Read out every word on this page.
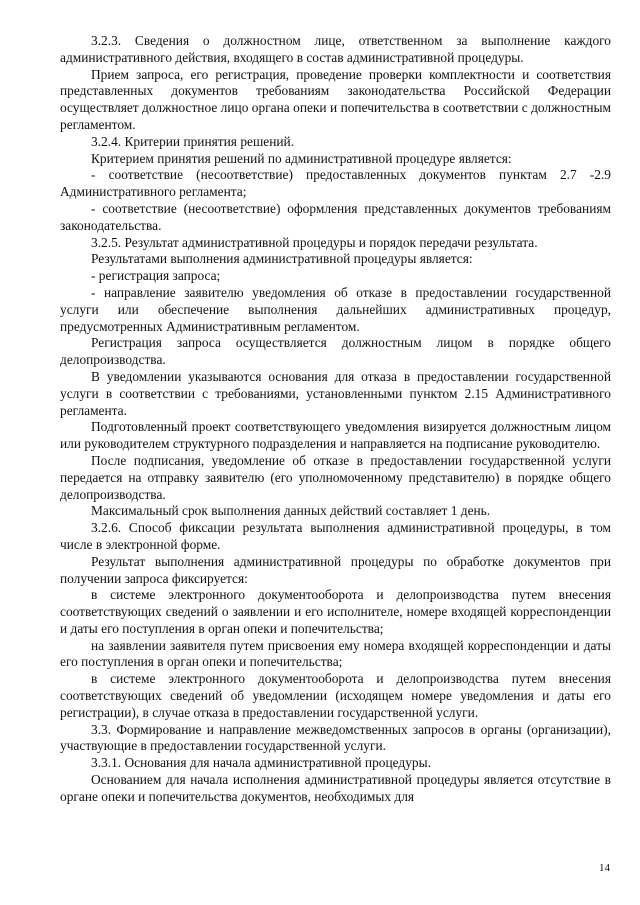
3.2.3. Сведения о должностном лице, ответственном за выполнение каждого административного действия, входящего в состав административной процедуры.

Прием запроса, его регистрация, проведение проверки комплектности и соответствия представленных документов требованиям законодательства Российской Федерации осуществляет должностное лицо органа опеки и попечительства в соответствии с должностным регламентом.

3.2.4. Критерии принятия решений.

Критерием принятия решений по административной процедуре является:

- соответствие (несоответствие) предоставленных документов пунктам 2.7 -2.9 Административного регламента;

- соответствие (несоответствие) оформления представленных документов требованиям законодательства.

3.2.5. Результат административной процедуры и порядок передачи результата.

Результатами выполнения административной процедуры является:

- регистрация запроса;

- направление заявителю уведомления об отказе в предоставлении государственной услуги или обеспечение выполнения дальнейших административных процедур, предусмотренных Административным регламентом.

Регистрация запроса осуществляется должностным лицом в порядке общего делопроизводства.

В уведомлении указываются основания для отказа в предоставлении государственной услуги в соответствии с требованиями, установленными пунктом 2.15 Административного регламента.

Подготовленный проект соответствующего уведомления визируется должностным лицом или руководителем структурного подразделения и направляется на подписание руководителю.

После подписания, уведомление об отказе в предоставлении государственной услуги передается на отправку заявителю (его уполномоченному представителю) в порядке общего делопроизводства.

Максимальный срок выполнения данных действий составляет 1 день.

3.2.6. Способ фиксации результата выполнения административной процедуры, в том числе в электронной форме.

Результат выполнения административной процедуры по обработке документов при получении запроса фиксируется:

в системе электронного документооборота и делопроизводства путем внесения соответствующих сведений о заявлении и его исполнителе, номере входящей корреспонденции и даты его поступления в орган опеки и попечительства;

на заявлении заявителя путем присвоения ему номера входящей корреспонденции и даты его поступления в орган опеки и попечительства;

в системе электронного документооборота и делопроизводства путем внесения соответствующих сведений об уведомлении (исходящем номере уведомления и даты его регистрации), в случае отказа в предоставлении государственной услуги.

3.3. Формирование и направление межведомственных запросов в органы (организации), участвующие в предоставлении государственной услуги.

3.3.1. Основания для начала административной процедуры.

Основанием для начала исполнения административной процедуры является отсутствие в органе опеки и попечительства документов, необходимых для

14
